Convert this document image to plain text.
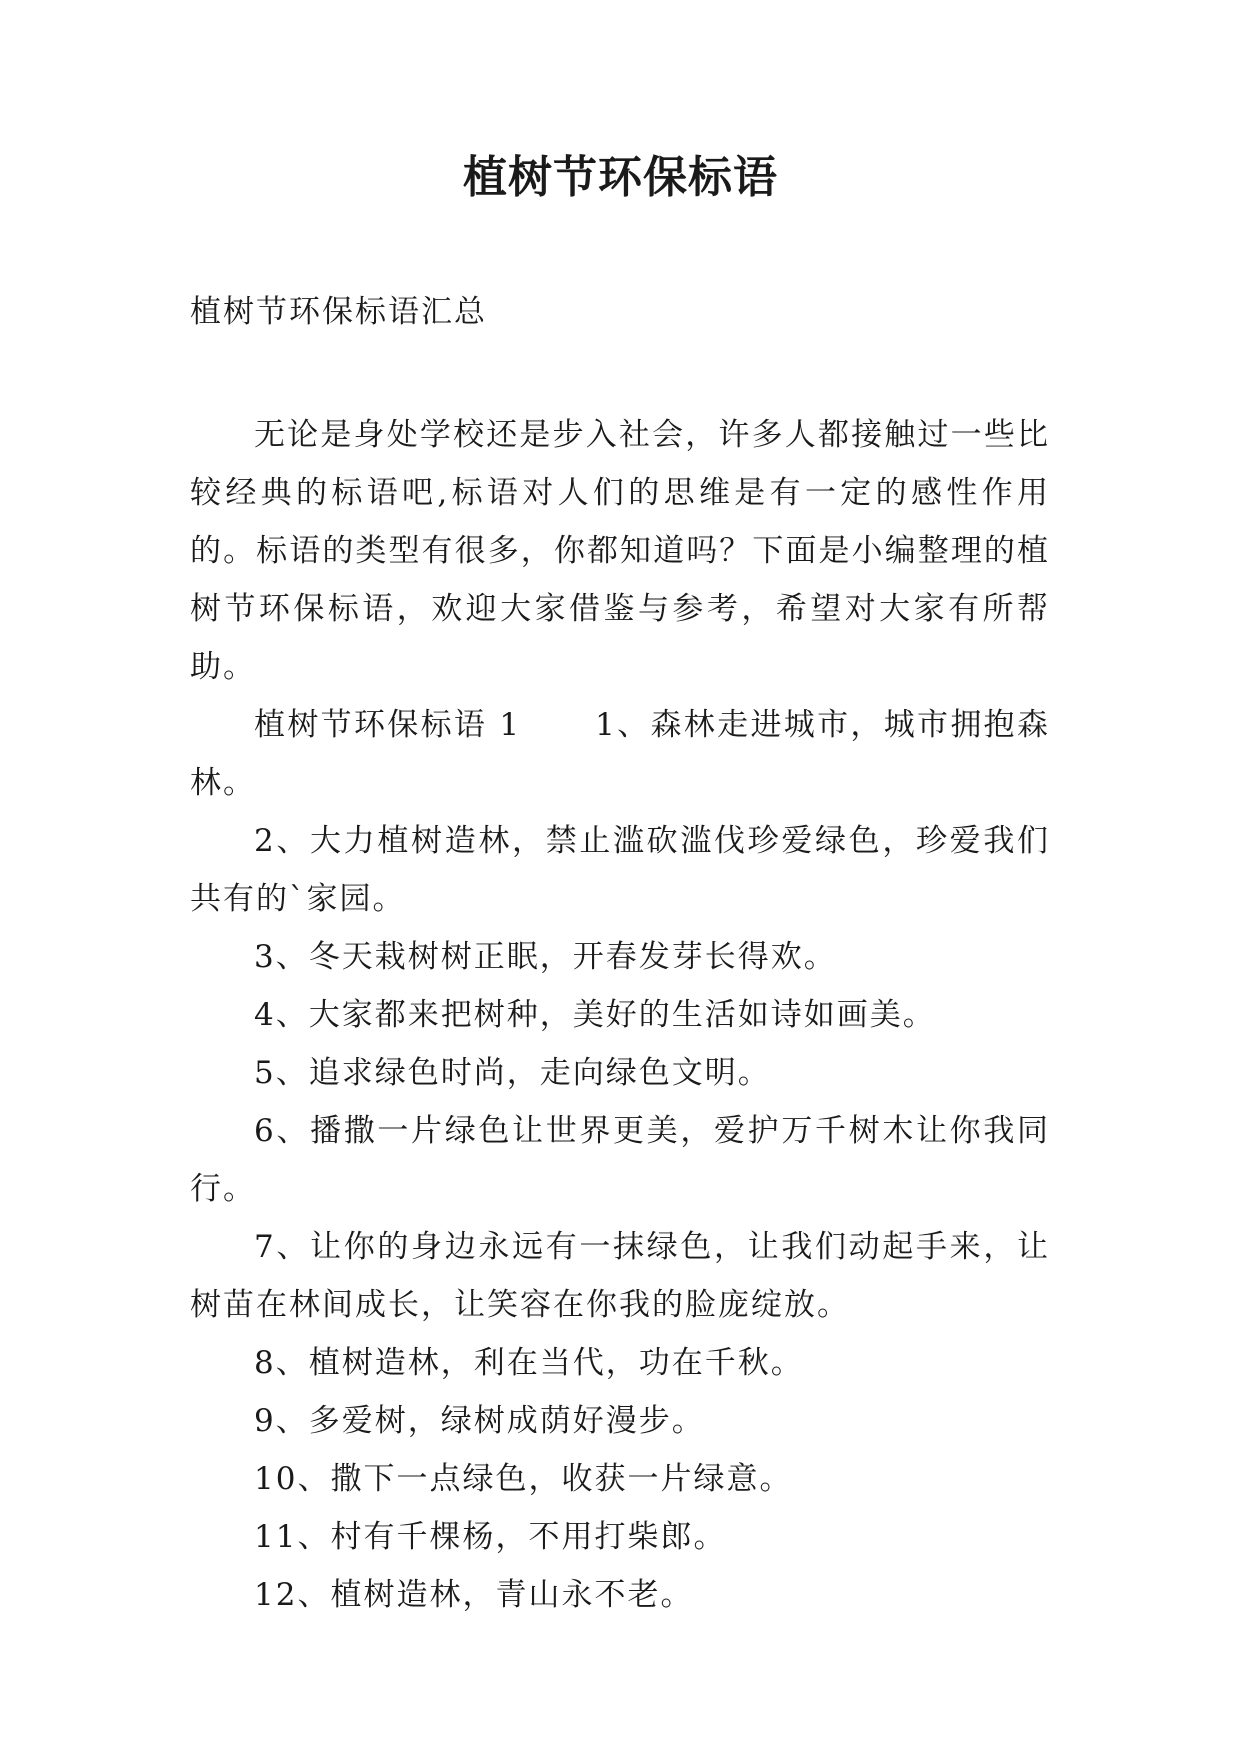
植树节环保标语
植树节环保标语汇总

无论是身处学校还是步入社会，许多人都接触过一些比较经典的标语吧,标语对人们的思维是有一定的感性作用的。标语的类型有很多，你都知道吗？下面是小编整理的植树节环保标语，欢迎大家借鉴与参考，希望对大家有所帮助。

植树节环保标语 1 1、森林走进城市，城市拥抱森林。

2、大力植树造林，禁止滥砍滥伐珍爱绿色，珍爱我们共有的`家园。

3、冬天栽树树正眠，开春发芽长得欢。

4、大家都来把树种，美好的生活如诗如画美。

5、追求绿色时尚，走向绿色文明。

6、播撒一片绿色让世界更美，爱护万千树木让你我同行。

7、让你的身边永远有一抹绿色，让我们动起手来，让树苗在林间成长，让笑容在你我的脸庞绽放。

8、植树造林，利在当代，功在千秋。

9、多爱树，绿树成荫好漫步。

10、撒下一点绿色，收获一片绿意。

11、村有千棵杨，不用打柴郎。

12、植树造林，青山永不老。
